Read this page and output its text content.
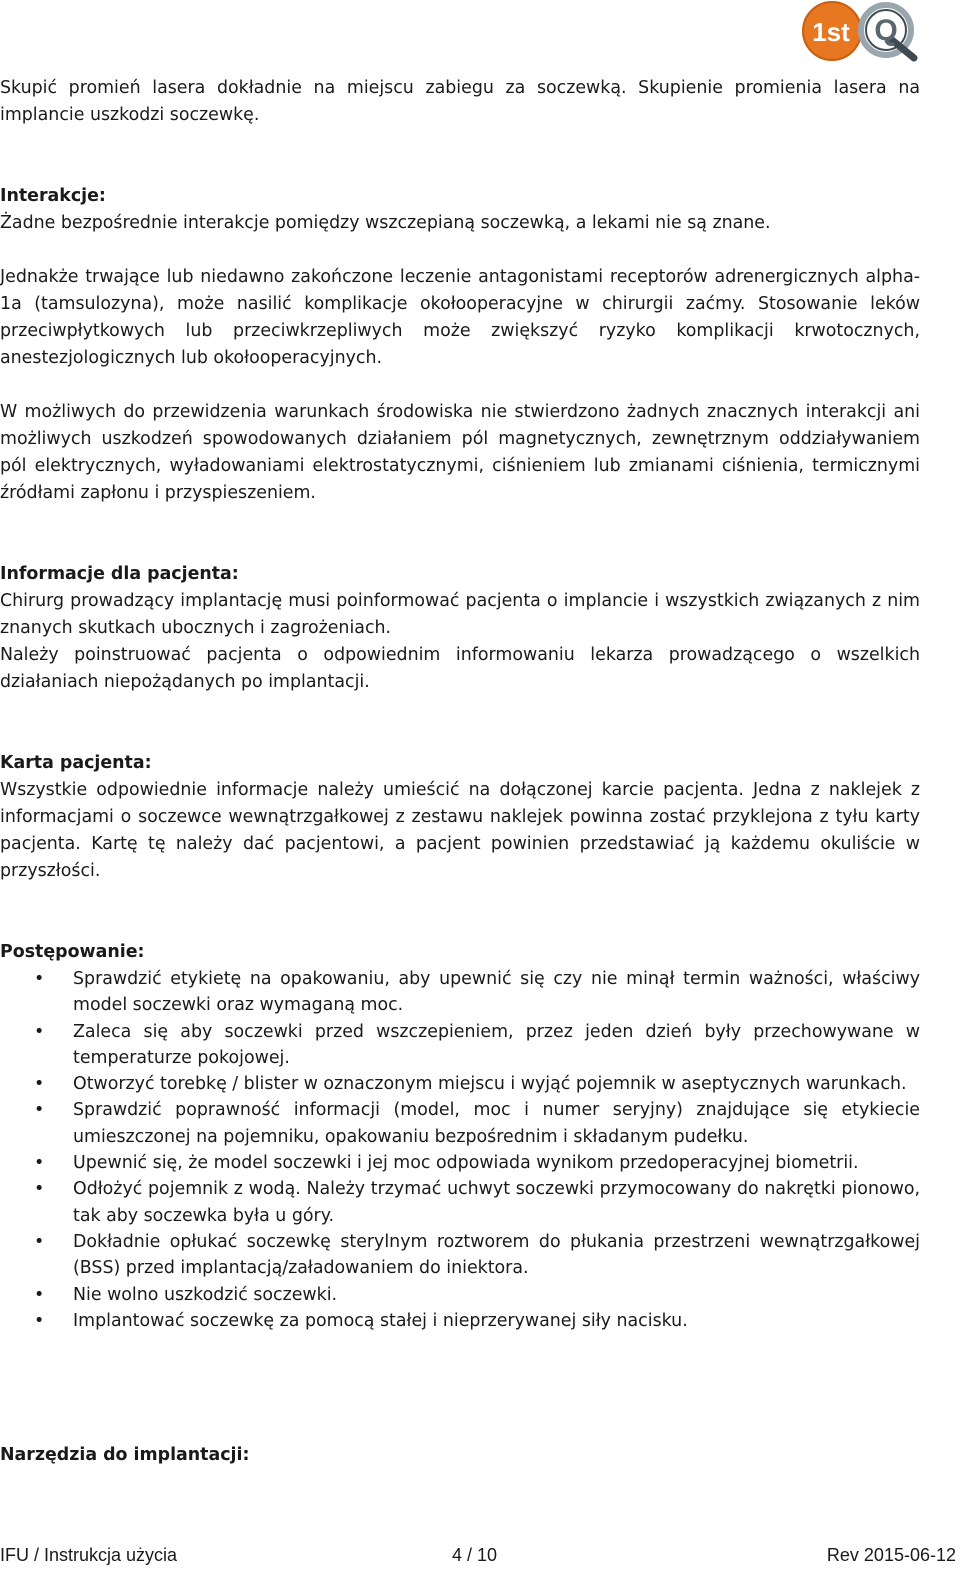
1st Q

Skupić promień lasera dokładnie na miejscu zabiegu za soczewką. Skupienie promienia lasera na implancie uszkodzi soczewkę.

Interakcje:

Żadne bezpośrednie interakcje pomiędzy wszczepianą soczewką, a lekami nie są znane.

Jednakże trwające lub niedawno zakończone leczenie antagonistami receptorów adrenergicznych alpha-1a (tamsulozyna), może nasilić komplikacje okołooperacyjne w chirurgii zaćmy. Stosowanie leków przeciwpłytkowych lub przeciwkrzepliwych może zwiększyć ryzyko komplikacji krwotocznych, anestezjologicznych lub okołooperacyjnych.

W możliwych do przewidzenia warunkach środowiska nie stwierdzono żadnych znacznych interakcji ani możliwych uszkodzeń spowodowanych działaniem pól magnetycznych, zewnętrznym oddziaływaniem pól elektrycznych, wyładowaniami elektrostatycznymi, ciśnieniem lub zmianami ciśnienia, termicznymi źródłami zapłonu i przyspieszeniem.

Informacje dla pacjenta:

Chirurg prowadzący implantację musi poinformować pacjenta o implancie i wszystkich związanych z nim znanych skutkach ubocznych i zagrożeniach.

Należy poinstruować pacjenta o odpowiednim informowaniu lekarza prowadzącego o wszelkich działaniach niepożądanych po implantacji.

Karta pacjenta:

Wszystkie odpowiednie informacje należy umieścić na dołączonej karcie pacjenta. Jedna z naklejek z informacjami o soczewce wewnątrzgałkowej z zestawu naklejek powinna zostać przyklejona z tyłu karty pacjenta. Kartę tę należy dać pacjentowi, a pacjent powinien przedstawiać ją każdemu okuliście w przyszłości.

Postępowanie:

• Sprawdzić etykietę na opakowaniu, aby upewnić się czy nie minął termin ważności, właściwy model soczewki oraz wymaganą moc.
• Zaleca się aby soczewki przed wszczepieniem, przez jeden dzień były przechowywane w temperaturze pokojowej.
• Otworzyć torebkę / blister w oznaczonym miejscu i wyjąć pojemnik w aseptycznych warunkach.
• Sprawdzić poprawność informacji (model, moc i numer seryjny) znajdujące się etykiecie umieszczonej na pojemniku, opakowaniu bezpośrednim i składanym pudełku.
• Upewnić się, że model soczewki i jej moc odpowiada wynikom przedoperacyjnej biometrii.
• Odłożyć pojemnik z wodą. Należy trzymać uchwyt soczewki przymocowany do nakrętki pionowo, tak aby soczewka była u góry.
• Dokładnie opłukać soczewkę sterylnym roztworem do płukania przestrzeni wewnątrzgałkowej (BSS) przed implantacją/załadowaniem do iniektora.
• Nie wolno uszkodzić soczewki.
• Implantować soczewkę za pomocą stałej i nieprzerywanej siły nacisku.

Narzędzia do implantacji:

IFU / Instrukcja użycia	4 / 10	Rev 2015-06-12
